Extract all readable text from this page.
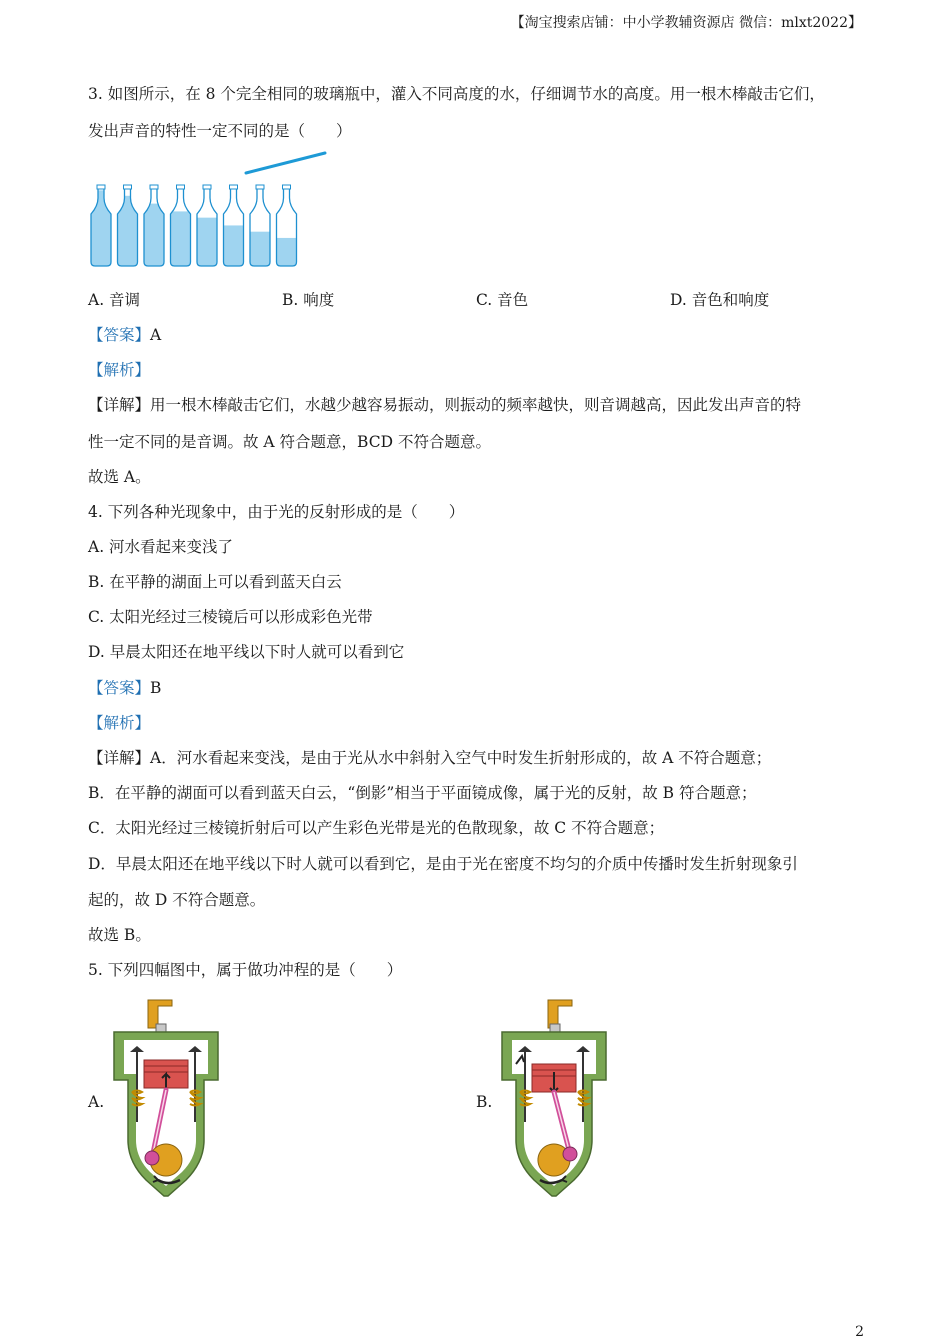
【淘宝搜索店铺：中小学教辅资源店 微信：mlxt2022】
3. 如图所示，在 8 个完全相同的玻璃瓶中，灌入不同高度的水，仔细调节水的高度。用一根木棒敲击它们，
发出声音的特性一定不同的是（　　）
A. 音调	B. 响度	C. 音色	D. 音色和响度
【答案】A
【解析】
【详解】用一根木棒敲击它们，水越少越容易振动，则振动的频率越快，则音调越高，因此发出声音的特
性一定不同的是音调。故 A 符合题意，BCD 不符合题意。
故选 A。
4. 下列各种光现象中，由于光的反射形成的是（　　）
A. 河水看起来变浅了
B. 在平静的湖面上可以看到蓝天白云
C. 太阳光经过三棱镜后可以形成彩色光带
D. 早晨太阳还在地平线以下时人就可以看到它
【答案】B
【解析】
【详解】A．河水看起来变浅，是由于光从水中斜射入空气中时发生折射形成的，故 A 不符合题意；
B．在平静的湖面可以看到蓝天白云，“倒影”相当于平面镜成像，属于光的反射，故 B 符合题意；
C．太阳光经过三棱镜折射后可以产生彩色光带是光的色散现象，故 C 不符合题意；
D．早晨太阳还在地平线以下时人就可以看到它，是由于光在密度不均匀的介质中传播时发生折射现象引
起的，故 D 不符合题意。
故选 B。
5. 下列四幅图中，属于做功冲程的是（　　）
A.	B.
2
